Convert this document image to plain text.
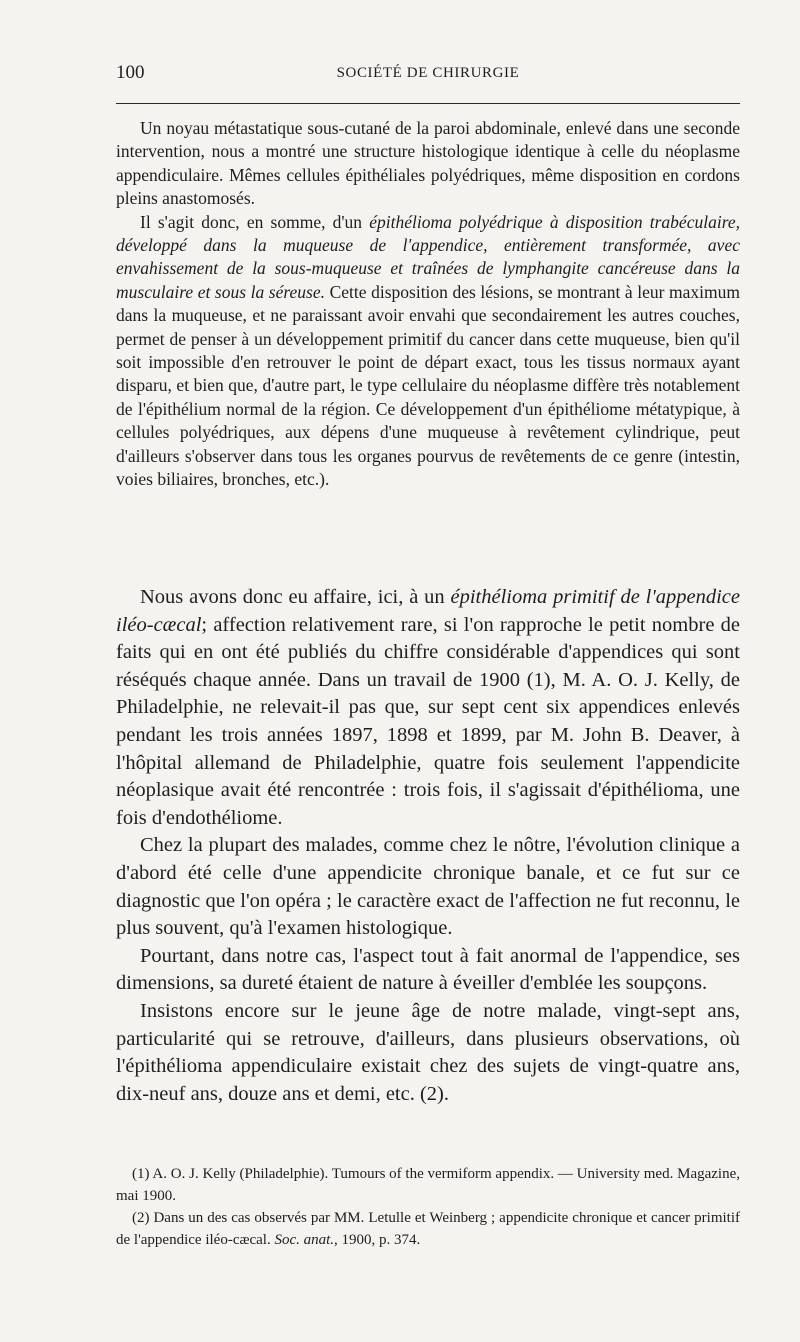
100	SOCIÉTÉ DE CHIRURGIE

Un noyau métastatique sous-cutané de la paroi abdominale, enlevé dans une seconde intervention, nous a montré une structure histologique identique à celle du néoplasme appendiculaire. Mêmes cellules épithéliales polyédriques, même disposition en cordons pleins anastomosés.

Il s'agit donc, en somme, d'un épithélioma polyédrique à disposition trabéculaire, développé dans la muqueuse de l'appendice, entièrement transformée, avec envahissement de la sous-muqueuse et traînées de lymphangite cancéreuse dans la musculaire et sous la séreuse. Cette disposition des lésions, se montrant à leur maximum dans la muqueuse, et ne paraissant avoir envahi que secondairement les autres couches, permet de penser à un développement primitif du cancer dans cette muqueuse, bien qu'il soit impossible d'en retrouver le point de départ exact, tous les tissus normaux ayant disparu, et bien que, d'autre part, le type cellulaire du néoplasme diffère très notablement de l'épithélium normal de la région. Ce développement d'un épithéliome métatypique, à cellules polyédriques, aux dépens d'une muqueuse à revêtement cylindrique, peut d'ailleurs s'observer dans tous les organes pourvus de revêtements de ce genre (intestin, voies biliaires, bronches, etc.).

Nous avons donc eu affaire, ici, à un épithélioma primitif de l'appendice iléo-cæcal; affection relativement rare, si l'on rapproche le petit nombre de faits qui en ont été publiés du chiffre considérable d'appendices qui sont réséqués chaque année. Dans un travail de 1900 (1), M. A. O. J. Kelly, de Philadelphie, ne relevait-il pas que, sur sept cent six appendices enlevés pendant les trois années 1897, 1898 et 1899, par M. John B. Deaver, à l'hôpital allemand de Philadelphie, quatre fois seulement l'appendicite néoplasique avait été rencontrée : trois fois, il s'agissait d'épithélioma, une fois d'endothéliome.

Chez la plupart des malades, comme chez le nôtre, l'évolution clinique a d'abord été celle d'une appendicite chronique banale, et ce fut sur ce diagnostic que l'on opéra ; le caractère exact de l'affection ne fut reconnu, le plus souvent, qu'à l'examen histologique.

Pourtant, dans notre cas, l'aspect tout à fait anormal de l'appendice, ses dimensions, sa dureté étaient de nature à éveiller d'emblée les soupçons.

Insistons encore sur le jeune âge de notre malade, vingt-sept ans, particularité qui se retrouve, d'ailleurs, dans plusieurs observations, où l'épithélioma appendiculaire existait chez des sujets de vingt-quatre ans, dix-neuf ans, douze ans et demi, etc. (2).

(1) A. O. J. Kelly (Philadelphie). Tumours of the vermiform appendix. — University med. Magazine, mai 1900.

(2) Dans un des cas observés par MM. Letulle et Weinberg ; appendicite chronique et cancer primitif de l'appendice iléo-cæcal. Soc. anat., 1900, p. 374.
